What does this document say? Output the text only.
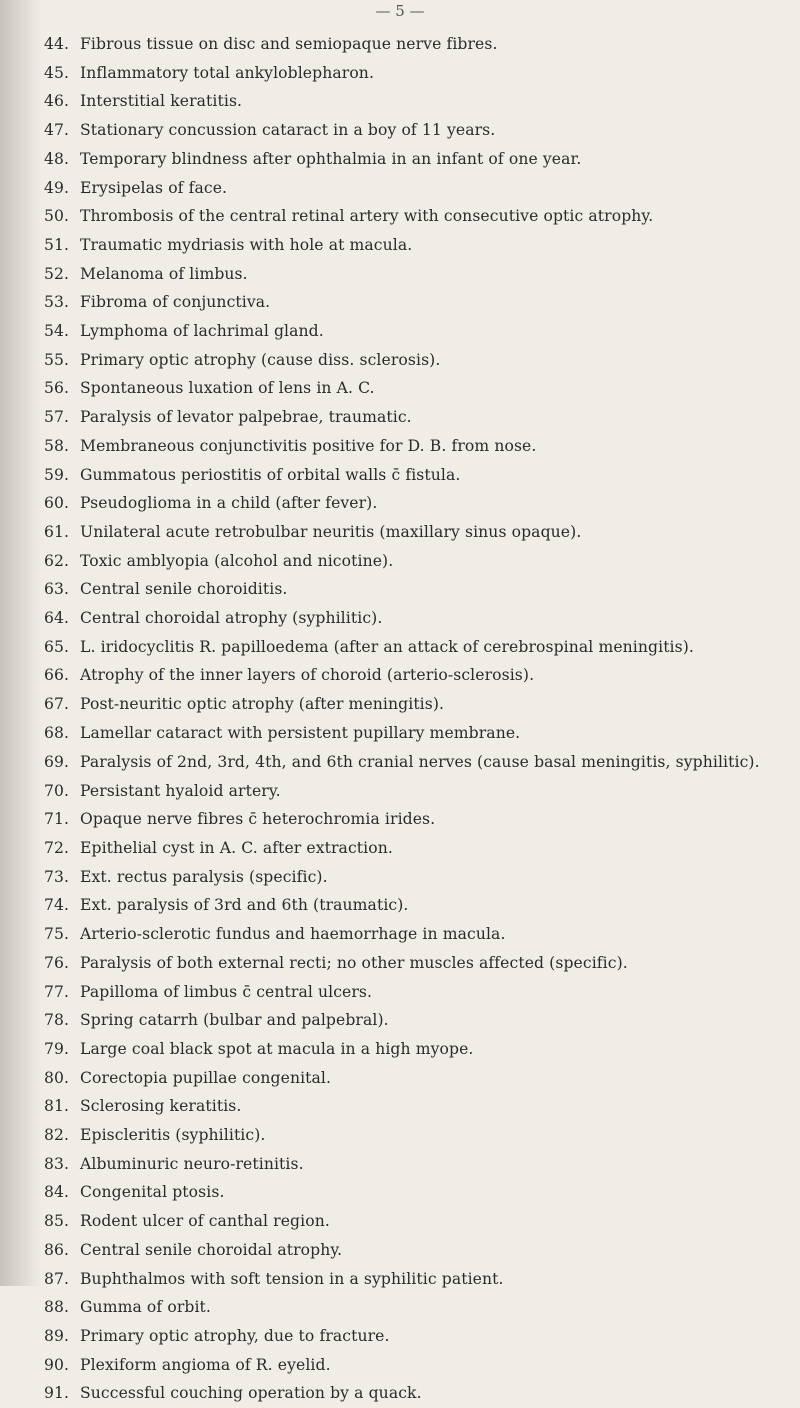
— 5 —
44. Fibrous tissue on disc and semiopaque nerve fibres.
45. Inflammatory total ankyloblepharon.
46. Interstitial keratitis.
47. Stationary concussion cataract in a boy of 11 years.
48. Temporary blindness after ophthalmia in an infant of one year.
49. Erysipelas of face.
50. Thrombosis of the central retinal artery with consecutive optic atrophy.
51. Traumatic mydriasis with hole at macula.
52. Melanoma of limbus.
53. Fibroma of conjunctiva.
54. Lymphoma of lachrimal gland.
55. Primary optic atrophy (cause diss. sclerosis).
56. Spontaneous luxation of lens in A. C.
57. Paralysis of levator palpebrae, traumatic.
58. Membraneous conjunctivitis positive for D. B. from nose.
59. Gummatous periostitis of orbital walls c̄ fistula.
60. Pseudoglioma in a child (after fever).
61. Unilateral acute retrobulbar neuritis (maxillary sinus opaque).
62. Toxic amblyopia (alcohol and nicotine).
63. Central senile choroiditis.
64. Central choroidal atrophy (syphilitic).
65. L. iridocyclitis R. papilloedema (after an attack of cerebrospinal meningitis).
66. Atrophy of the inner layers of choroid (arterio-sclerosis).
67. Post-neuritic optic atrophy (after meningitis).
68. Lamellar cataract with persistent pupillary membrane.
69. Paralysis of 2nd, 3rd, 4th, and 6th cranial nerves (cause basal meningitis, syphilitic).
70. Persistant hyaloid artery.
71. Opaque nerve fibres c̄ heterochromia irides.
72. Epithelial cyst in A. C. after extraction.
73. Ext. rectus paralysis (specific).
74. Ext. paralysis of 3rd and 6th (traumatic).
75. Arterio-sclerotic fundus and haemorrhage in macula.
76. Paralysis of both external recti; no other muscles affected (specific).
77. Papilloma of limbus c̄ central ulcers.
78. Spring catarrh (bulbar and palpebral).
79. Large coal black spot at macula in a high myope.
80. Corectopia pupillae congenital.
81. Sclerosing keratitis.
82. Episcleritis (syphilitic).
83. Albuminuric neuro-retinitis.
84. Congenital ptosis.
85. Rodent ulcer of canthal region.
86. Central senile choroidal atrophy.
87. Buphthalmos with soft tension in a syphilitic patient.
88. Gumma of orbit.
89. Primary optic atrophy, due to fracture.
90. Plexiform angioma of R. eyelid.
91. Successful couching operation by a quack.
